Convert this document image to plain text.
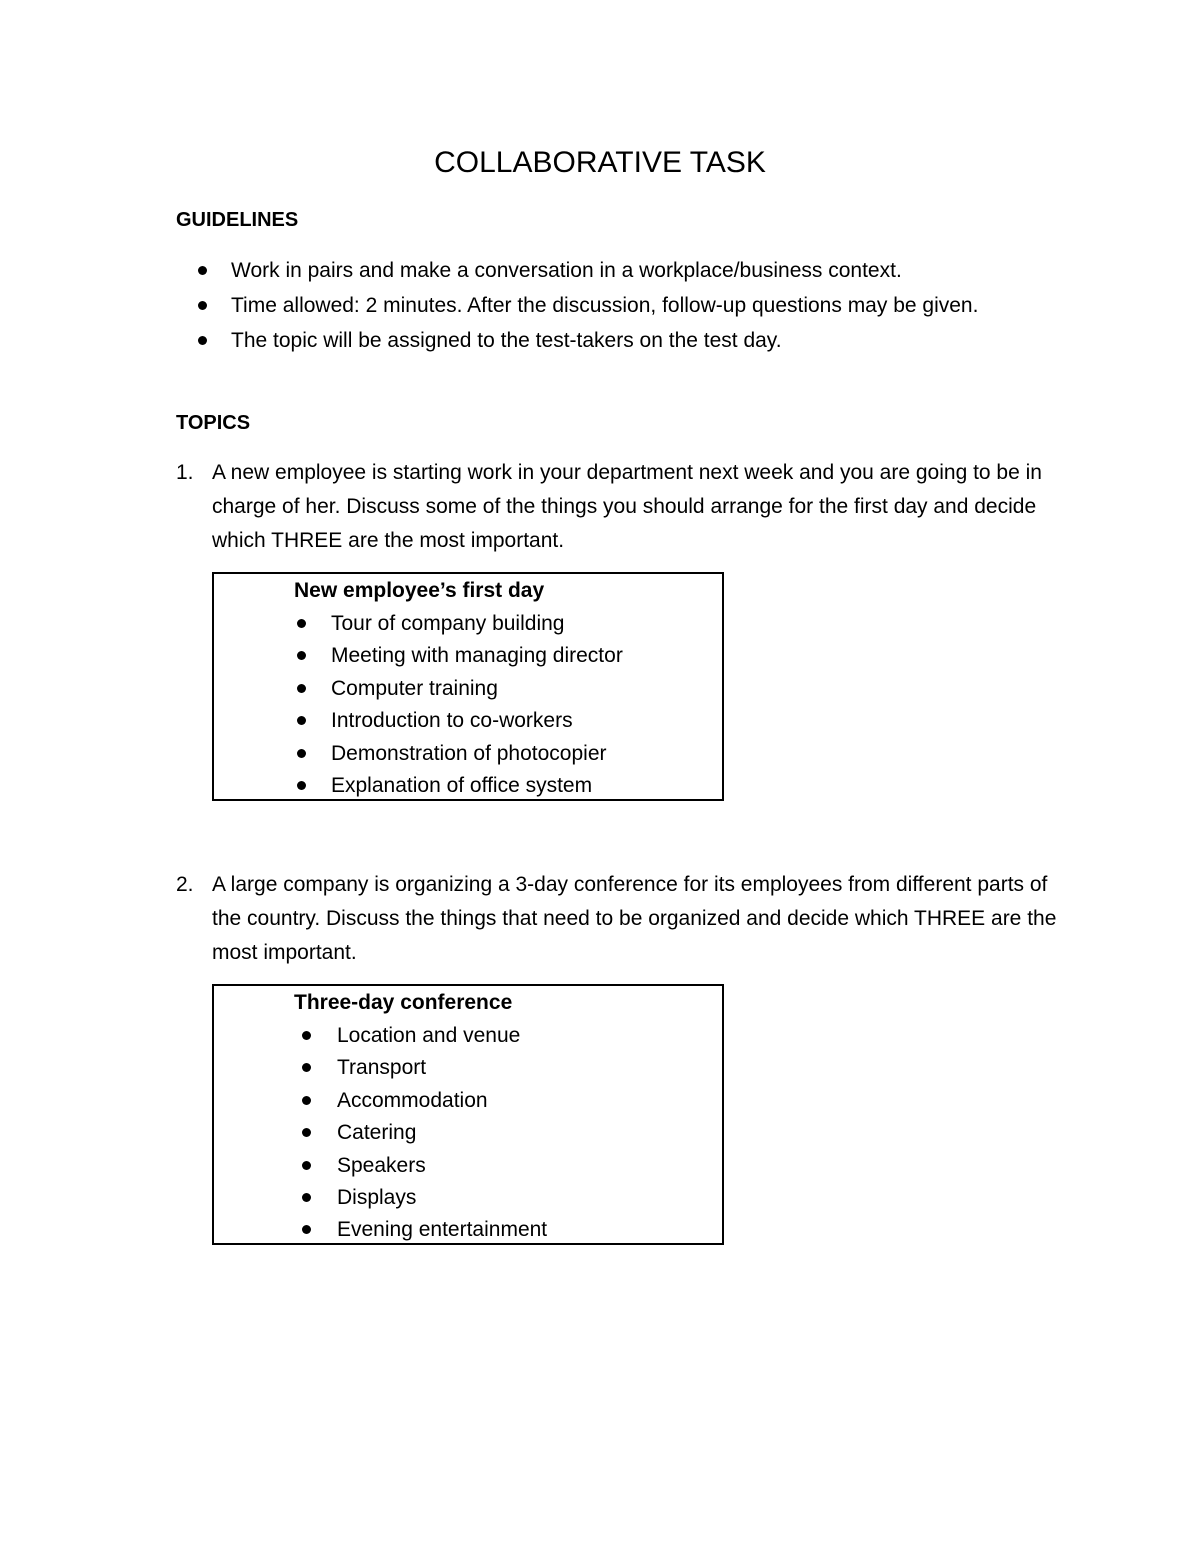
COLLABORATIVE TASK
GUIDELINES
Work in pairs and make a conversation in a workplace/business context.
Time allowed: 2 minutes. After the discussion, follow-up questions may be given.
The topic will be assigned to the test-takers on the test day.
TOPICS
1. A new employee is starting work in your department next week and you are going to be in charge of her. Discuss some of the things you should arrange for the first day and decide which THREE are the most important.
New employee’s first day
Tour of company building
Meeting with managing director
Computer training
Introduction to co-workers
Demonstration of photocopier
Explanation of office system
2. A large company is organizing a 3-day conference for its employees from different parts of the country. Discuss the things that need to be organized and decide which THREE are the most important.
Three-day conference
Location and venue
Transport
Accommodation
Catering
Speakers
Displays
Evening entertainment
